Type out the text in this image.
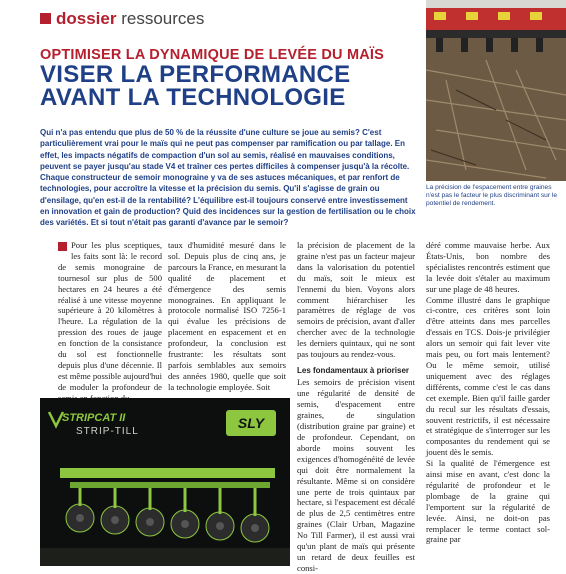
dossier ressources
La précision de l'espacement entre graines n'est pas le facteur le plus discriminant sur le potentiel de rendement.
OPTIMISER LA DYNAMIQUE DE LEVÉE DU MAÏS
VISER LA PERFORMANCE
AVANT LA TECHNOLOGIE
Qui n'a pas entendu que plus de 50 % de la réussite d'une culture se joue au semis? C'est particulièrement vrai pour le maïs qui ne peut pas compenser par ramification ou par tallage. En effet, les impacts négatifs de compaction d'un sol au semis, réalisé en mauvaises conditions, peuvent se payer jusqu'au stade V4 et traîner ces pertes difficiles à compenser jusqu'à la récolte. Chaque constructeur de semoir monograine y va de ses astuces mécaniques, et par renfort de technologies, pour accroître la vitesse et la précision du semis. Qu'il s'agisse de grain ou d'ensilage, qu'en est-il de la rentabilité? L'équilibre est-il toujours conservé entre investissement en innovation et gain de production? Quid des incidences sur la gestion de fertilisation ou le choix des variétés. Et si tout n'était pas garanti d'avance par le semoir?
Pour les plus sceptiques, les faits sont là: le record de semis monograine de tournesol sur plus de 500 hectares en 24 heures a été réalisé à une vitesse moyenne supérieure à 20 kilomètres à l'heure. La régulation de la pression des roues de jauge en fonction de la consistance du sol est fonctionnelle depuis plus d'une décennie. Il est même possible aujourd'hui de moduler la profondeur de

taux d'humidité mesuré dans le sol. Depuis plus de cinq ans, je parcours la France, en mesurant la qualité de placement et d'émergence des semis monograines. En appliquant le protocole normalisé ISO 7256-1 qui évalue les précisions de placement en espacement et en profondeur, la conclusion est frustrante: les résultats sont parfois semblables aux semoirs des années 1980, quelle que soit la technologie employée. Soit

la précision de placement de la graine n'est pas un facteur majeur dans la valorisation du potentiel du maïs, soit le mieux est l'ennemi du bien. Voyons alors comment hiérarchiser les paramètres de réglage de vos semoirs de précision, avant d'aller chercher avec de la technologie les derniers quintaux, qui ne sont pas toujours au rendez-vous.

Les fondamentaux à prioriser

Les semoirs de précision visent une régularité de densité de semis, d'espacement entre graines, de singulation (distribution graine par graine) et de profondeur. Cependant, on aborde moins souvent les exigences d'homogénéité de levée qui doit être normalement la résultante. Même si on considère une perte de trois quintaux par hectare, si l'espacement est décalé de plus de 2,5 centimètres entre graines (Clair Urban, Magazine No Till Farmer), il est aussi vrai qu'un plant de maïs qui présente un retard de deux feuilles est consi-

déré comme mauvaise herbe. Aux États-Unis, bon nombre des spécialistes rencontrés estiment que la levée doit s'étaler au maximum sur une plage de 48 heures.

Comme illustré dans le graphique ci-contre, ces critères sont loin d'être atteints dans mes parcelles d'essais en TCS. Dois-je privilégier alors un semoir qui fait lever vite mais peu, ou fort mais lentement? Ou le même semoir, utilisé uniquement avec des réglages différents, comme c'est le cas dans cet exemple. Bien qu'il faille garder du recul sur les résultats d'essais, souvent restrictifs, il est nécessaire et stratégique de s'interroger sur les composantes du rendement qui se jouent dès le semis.

Si la qualité de l'émergence est ainsi mise en avant, c'est donc la régularité de profondeur et le plombage de la graine qui l'emportent sur la régularité de levée. Ainsi, ne doit-on pas remplacer le terme contact sol-graine par

STRIPCAT II
STRIP-TILL
SLY
